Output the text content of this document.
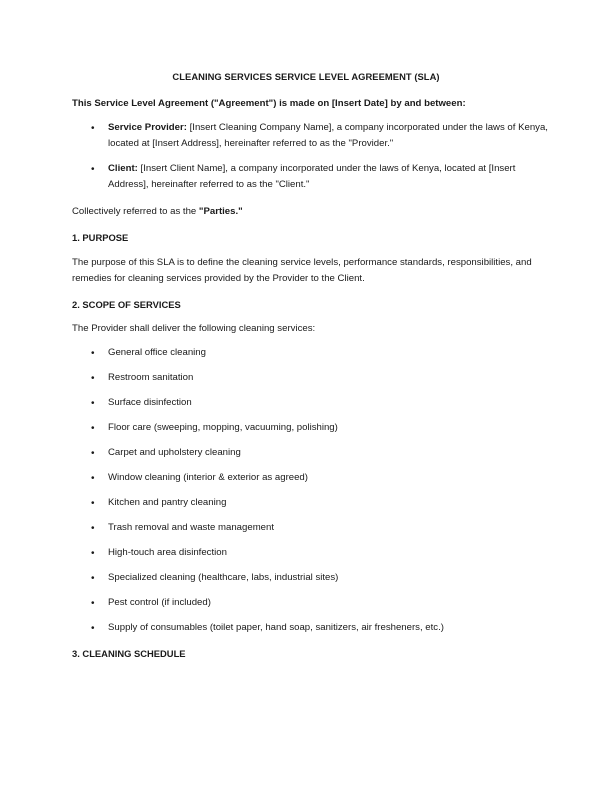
CLEANING SERVICES SERVICE LEVEL AGREEMENT (SLA)
This Service Level Agreement ("Agreement") is made on [Insert Date] by and between:
• Service Provider: [Insert Cleaning Company Name], a company incorporated under the laws of Kenya, located at [Insert Address], hereinafter referred to as the "Provider."
• Client: [Insert Client Name], a company incorporated under the laws of Kenya, located at [Insert Address], hereinafter referred to as the "Client."
Collectively referred to as the "Parties."
1. PURPOSE
The purpose of this SLA is to define the cleaning service levels, performance standards, responsibilities, and remedies for cleaning services provided by the Provider to the Client.
2. SCOPE OF SERVICES
The Provider shall deliver the following cleaning services:
• General office cleaning
• Restroom sanitation
• Surface disinfection
• Floor care (sweeping, mopping, vacuuming, polishing)
• Carpet and upholstery cleaning
• Window cleaning (interior & exterior as agreed)
• Kitchen and pantry cleaning
• Trash removal and waste management
• High-touch area disinfection
• Specialized cleaning (healthcare, labs, industrial sites)
• Pest control (if included)
• Supply of consumables (toilet paper, hand soap, sanitizers, air fresheners, etc.)
3. CLEANING SCHEDULE
